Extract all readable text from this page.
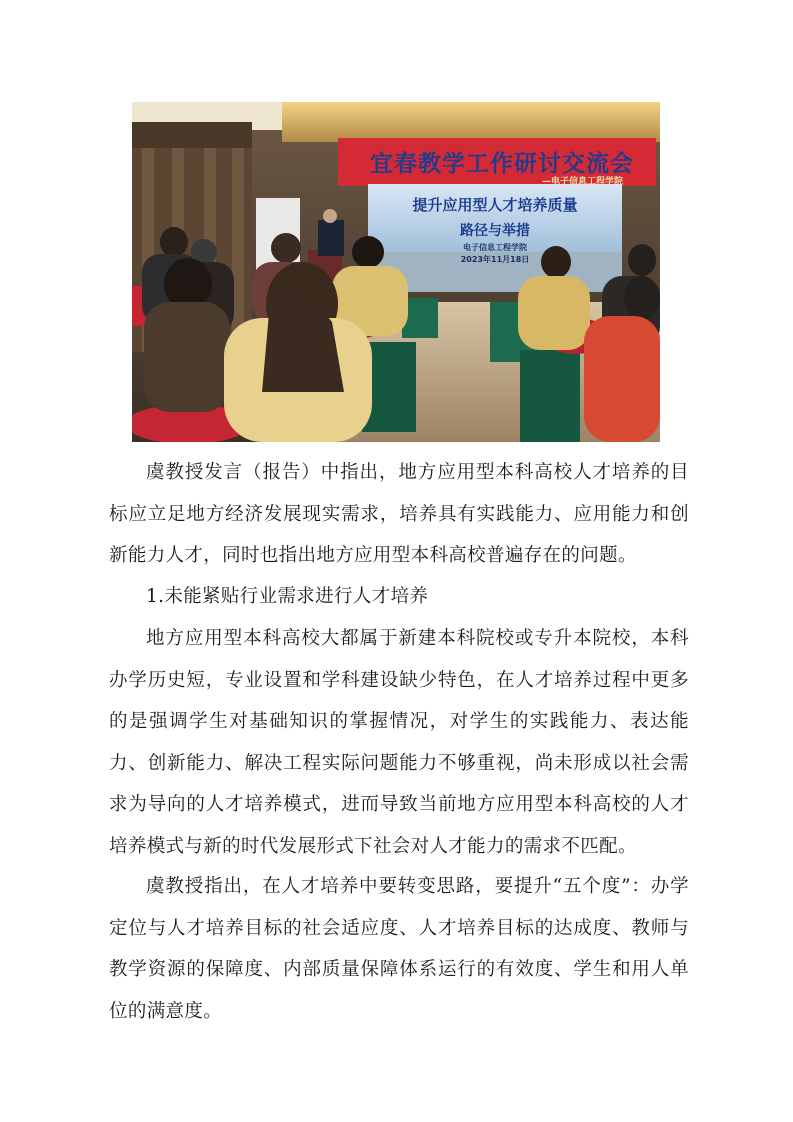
宜春教学工作研讨交流会
—电子信息工程学院
提升应用型人才培养质量
路径与举措
电子信息工程学院
2023年11月18日

虞教授发言（报告）中指出，地方应用型本科高校人才培养的目标应立足地方经济发展现实需求，培养具有实践能力、应用能力和创新能力人才，同时也指出地方应用型本科高校普遍存在的问题。

1.未能紧贴行业需求进行人才培养

地方应用型本科高校大都属于新建本科院校或专升本院校，本科办学历史短，专业设置和学科建设缺少特色，在人才培养过程中更多的是强调学生对基础知识的掌握情况，对学生的实践能力、表达能力、创新能力、解决工程实际问题能力不够重视，尚未形成以社会需求为导向的人才培养模式，进而导致当前地方应用型本科高校的人才培养模式与新的时代发展形式下社会对人才能力的需求不匹配。

虞教授指出，在人才培养中要转变思路，要提升“五个度”：办学定位与人才培养目标的社会适应度、人才培养目标的达成度、教师与教学资源的保障度、内部质量保障体系运行的有效度、学生和用人单位的满意度。
